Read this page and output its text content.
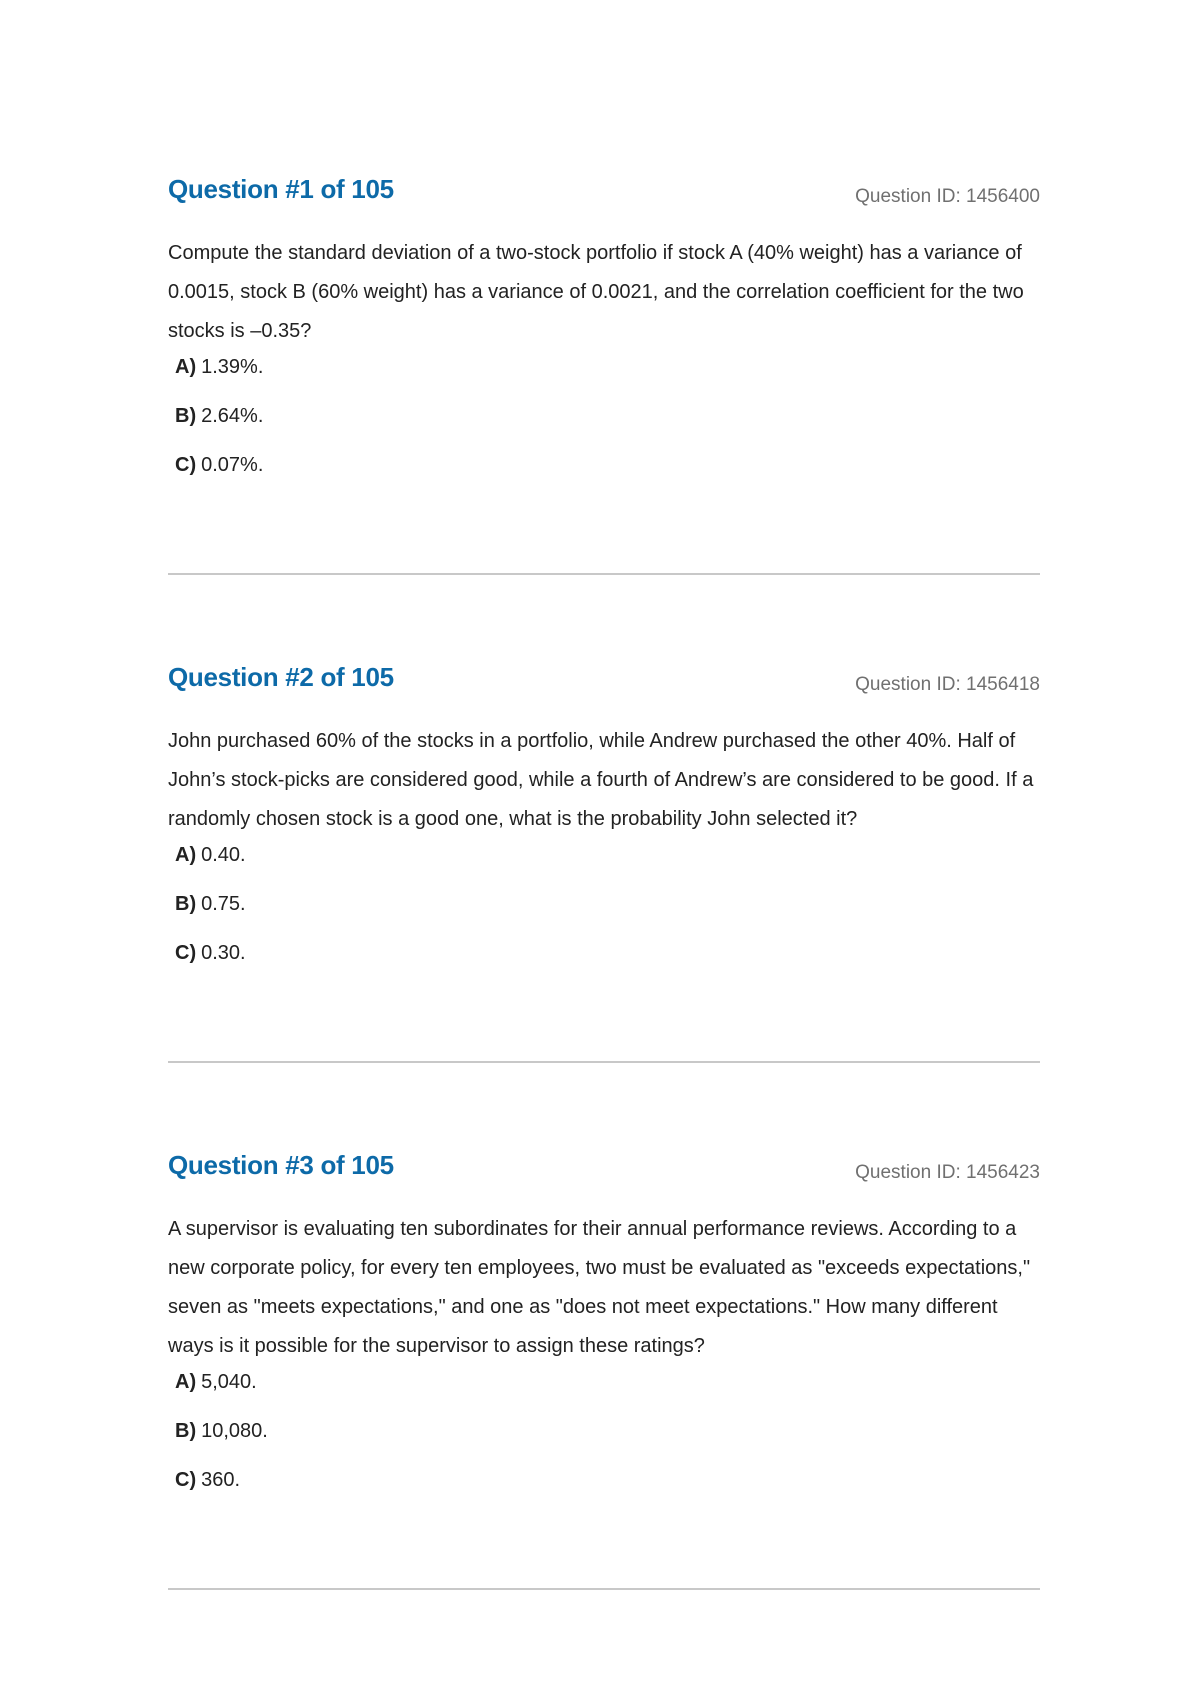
Question #1 of 105	Question ID: 1456400
Compute the standard deviation of a two-stock portfolio if stock A (40% weight) has a variance of 0.0015, stock B (60% weight) has a variance of 0.0021, and the correlation coefficient for the two stocks is –0.35?
A) 1.39%.
B) 2.64%.
C) 0.07%.
Question #2 of 105	Question ID: 1456418
John purchased 60% of the stocks in a portfolio, while Andrew purchased the other 40%. Half of John’s stock-picks are considered good, while a fourth of Andrew’s are considered to be good. If a randomly chosen stock is a good one, what is the probability John selected it?
A) 0.40.
B) 0.75.
C) 0.30.
Question #3 of 105	Question ID: 1456423
A supervisor is evaluating ten subordinates for their annual performance reviews. According to a new corporate policy, for every ten employees, two must be evaluated as "exceeds expectations," seven as "meets expectations," and one as "does not meet expectations." How many different ways is it possible for the supervisor to assign these ratings?
A) 5,040.
B) 10,080.
C) 360.
